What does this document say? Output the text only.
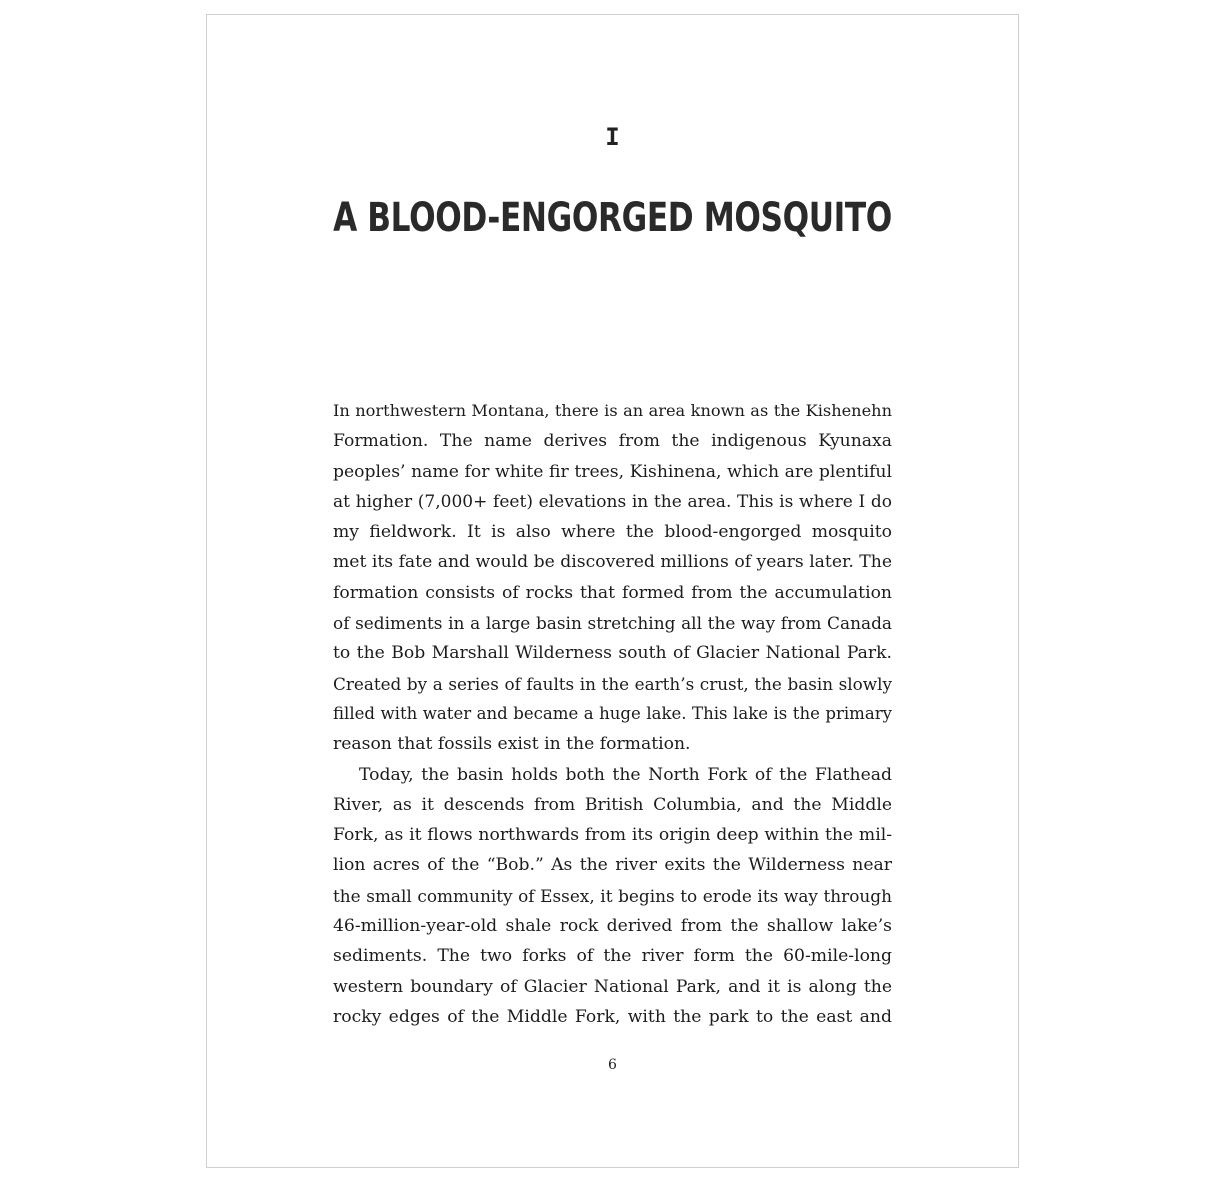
I
A BLOOD-ENGORGED MOSQUITO
In northwestern Montana, there is an area known as the Kishenehn
Formation. The name derives from the indigenous Kyunaxa
peoples’ name for white fir trees, Kishinena, which are plentiful
at higher (7,000+ feet) elevations in the area. This is where I do
my fieldwork. It is also where the blood-engorged mosquito
met its fate and would be discovered millions of years later. The
formation consists of rocks that formed from the accumulation
of sediments in a large basin stretching all the way from Canada
to the Bob Marshall Wilderness south of Glacier National Park.
Created by a series of faults in the earth’s crust, the basin slowly
filled with water and became a huge lake. This lake is the primary
reason that fossils exist in the formation.
Today, the basin holds both the North Fork of the Flathead
River, as it descends from British Columbia, and the Middle
Fork, as it flows northwards from its origin deep within the mil-
lion acres of the “Bob.” As the river exits the Wilderness near
the small community of Essex, it begins to erode its way through
46-million-year-old shale rock derived from the shallow lake’s
sediments. The two forks of the river form the 60-mile-long
western boundary of Glacier National Park, and it is along the
rocky edges of the Middle Fork, with the park to the east and
6
